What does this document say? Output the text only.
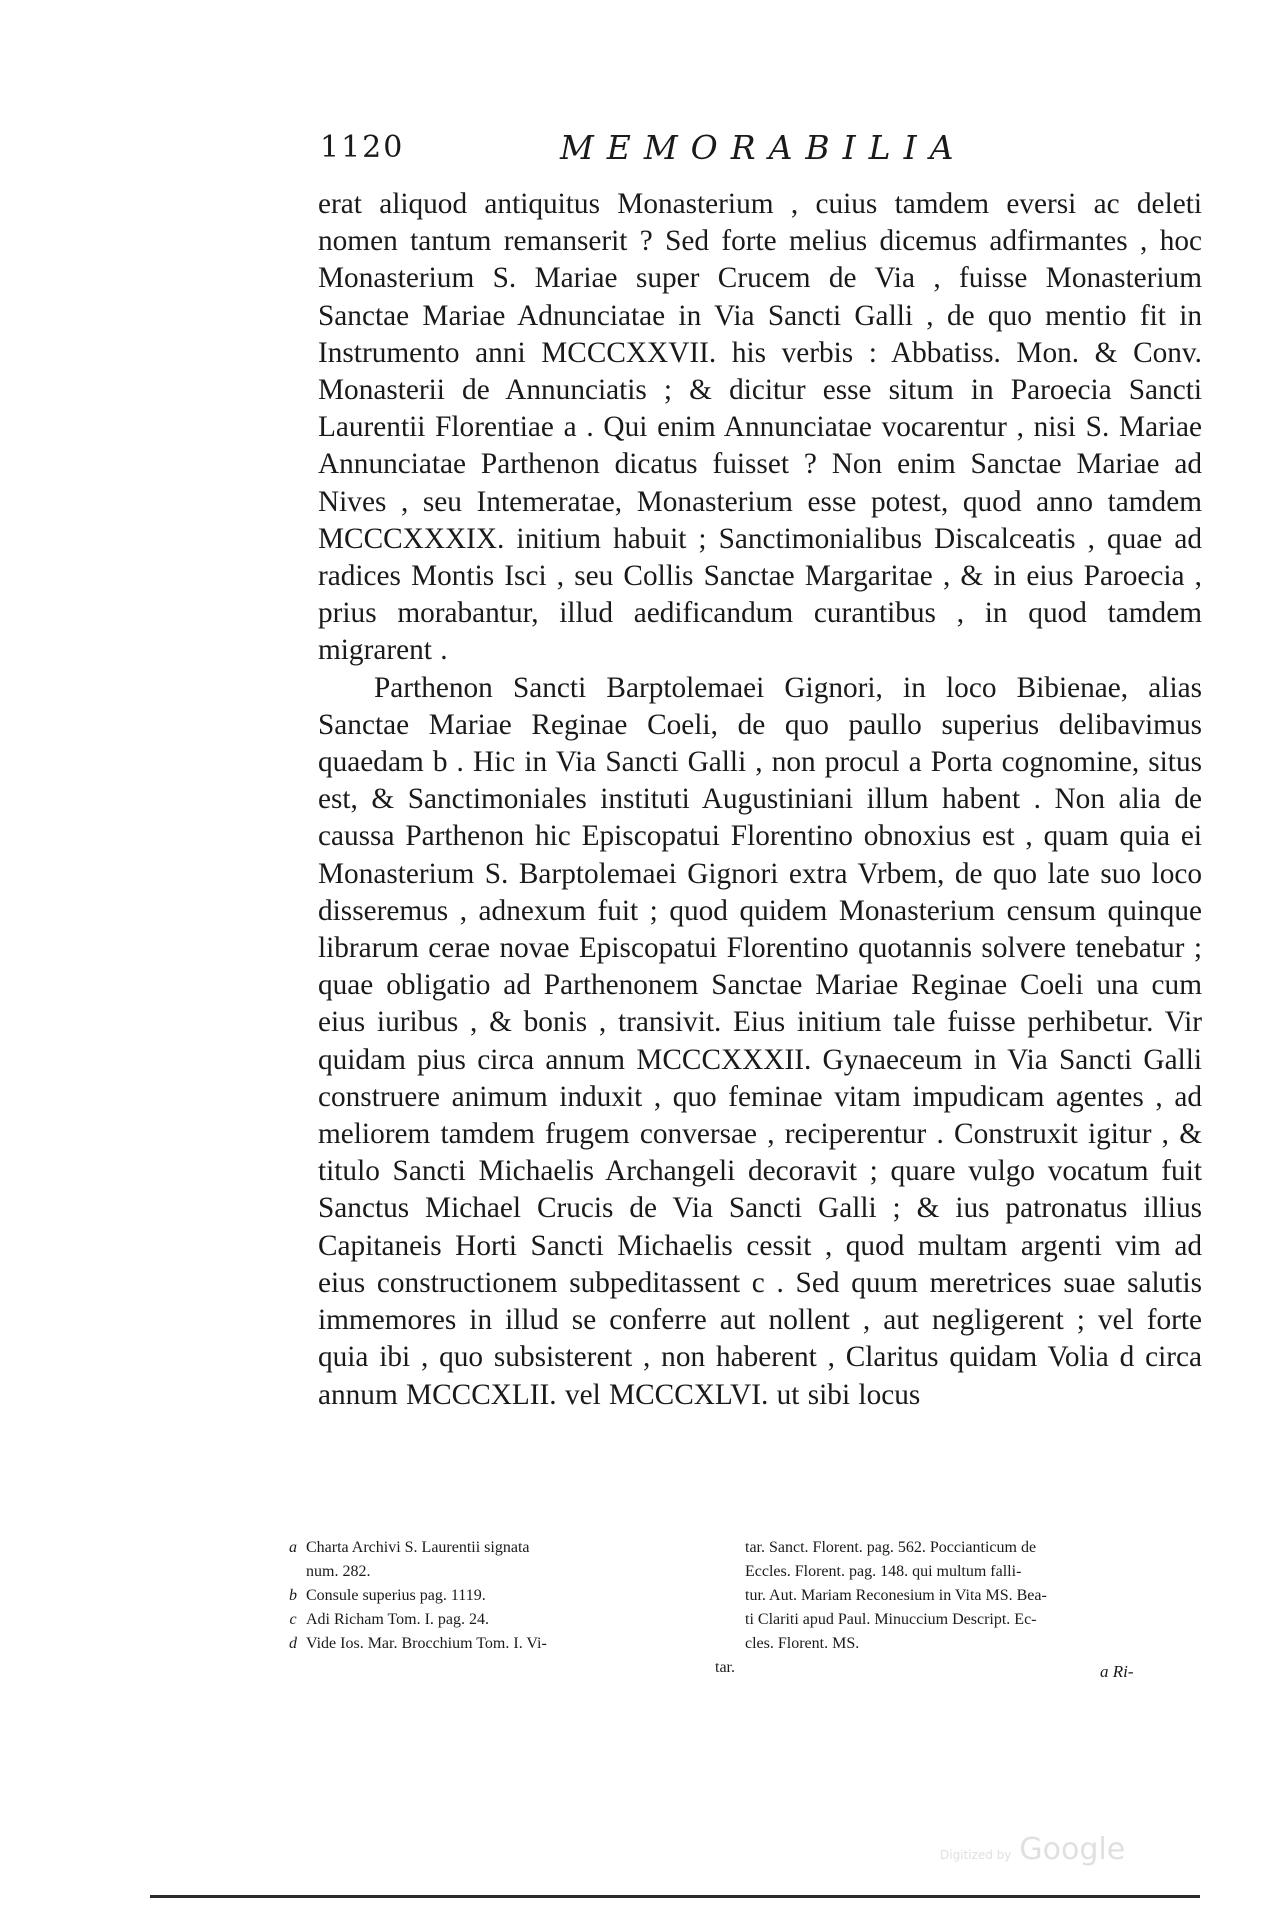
1120	MEMORABILIA

erat aliquod antiquitus Monasterium , cuius tamdem eversi ac deleti nomen tantum remanserit ? Sed forte melius dicemus adfirmantes , hoc Monasterium S. Mariae super Crucem de Via , fuisse Monasterium Sanctae Mariae Adnunciatae in Via Sancti Galli , de quo mentio fit in Instrumento anni MCCCXXVII. his verbis : Abbatiss. Mon. & Conv. Monasterii de Annunciatis ; & dicitur esse situm in Paroecia Sancti Laurentii Florentiae a . Qui enim Annunciatae vocarentur , nisi S. Mariae Annunciatae Parthenon dicatus fuisset ? Non enim Sanctae Mariae ad Nives , seu Intemeratae, Monasterium esse potest, quod anno tamdem MCCCXXXIX. initium habuit ; Sanctimonialibus Discalceatis , quae ad radices Montis Isci , seu Collis Sanctae Margaritae , & in eius Paroecia , prius morabantur, illud aedificandum curantibus , in quod tamdem migrarent .

Parthenon Sancti Barptolemaei Gignori, in loco Bibienae, alias Sanctae Mariae Reginae Coeli, de quo paullo superius delibavimus quaedam b . Hic in Via Sancti Galli , non procul a Porta cognomine, situs est, & Sanctimoniales instituti Augustiniani illum habent . Non alia de caussa Parthenon hic Episcopatui Florentino obnoxius est , quam quia ei Monasterium S. Barptolemaei Gignori extra Vrbem, de quo late suo loco disseremus , adnexum fuit ; quod quidem Monasterium censum quinque librarum cerae novae Episcopatui Florentino quotannis solvere tenebatur ; quae obligatio ad Parthenonem Sanctae Mariae Reginae Coeli una cum eius iuribus , & bonis , transivit. Eius initium tale fuisse perhibetur. Vir quidam pius circa annum MCCCXXXII. Gynaeceum in Via Sancti Galli construere animum induxit , quo feminae vitam impudicam agentes , ad meliorem tamdem frugem conversae , reciperentur . Construxit igitur , & titulo Sancti Michaelis Archangeli decoravit ; quare vulgo vocatum fuit Sanctus Michael Crucis de Via Sancti Galli ; & ius patronatus illius Capitaneis Horti Sancti Michaelis cessit , quod multam argenti vim ad eius constructionem subpeditassent c . Sed quum meretrices suae salutis immemores in illud se conferre aut nollent , aut negligerent ; vel forte quia ibi , quo subsisterent , non haberent , Claritus quidam Volia d circa annum MCCCXLII. vel MCCCXLVI. ut sibi locus

a Charta Archivi S. Laurentii signata
num. 282.
b Consule superius pag. 1119.
c Adi Richam Tom. I. pag. 24.
d Vide Ios. Mar. Brocchium Tom. I. Vi-
tar.
tar. Sanct. Florent. pag. 562. Poccianticum de
Eccles. Florent. pag. 148. qui multum falli-
tur. Aut. Mariam Reconesium in Vita MS. Bea-
ti Clariti apud Paul. Minuccium Descript. Ec-
cles. Florent. MS.
a Ri-
Digitized by Google
